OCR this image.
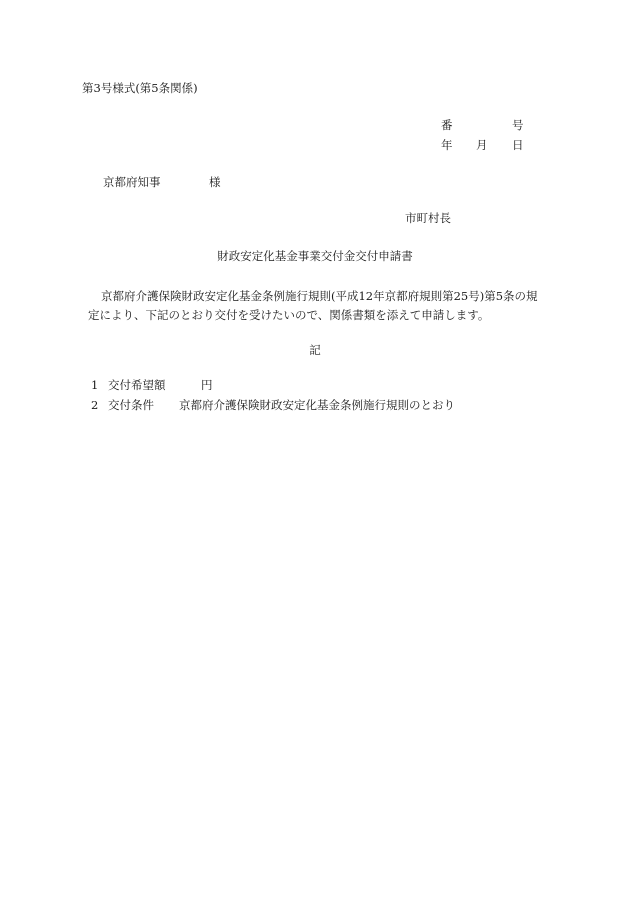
第3号様式(第5条関係)
番	号
年 月 日
京都府知事	様
市町村長
財政安定化基金事業交付金交付申請書
京都府介護保険財政安定化基金条例施行規則(平成12年京都府規則第25号)第5条の規
定により、下記のとおり交付を受けたいので、関係書類を添えて申請します。
記
1 交付希望額	円
2 交付条件 京都府介護保険財政安定化基金条例施行規則のとおり
